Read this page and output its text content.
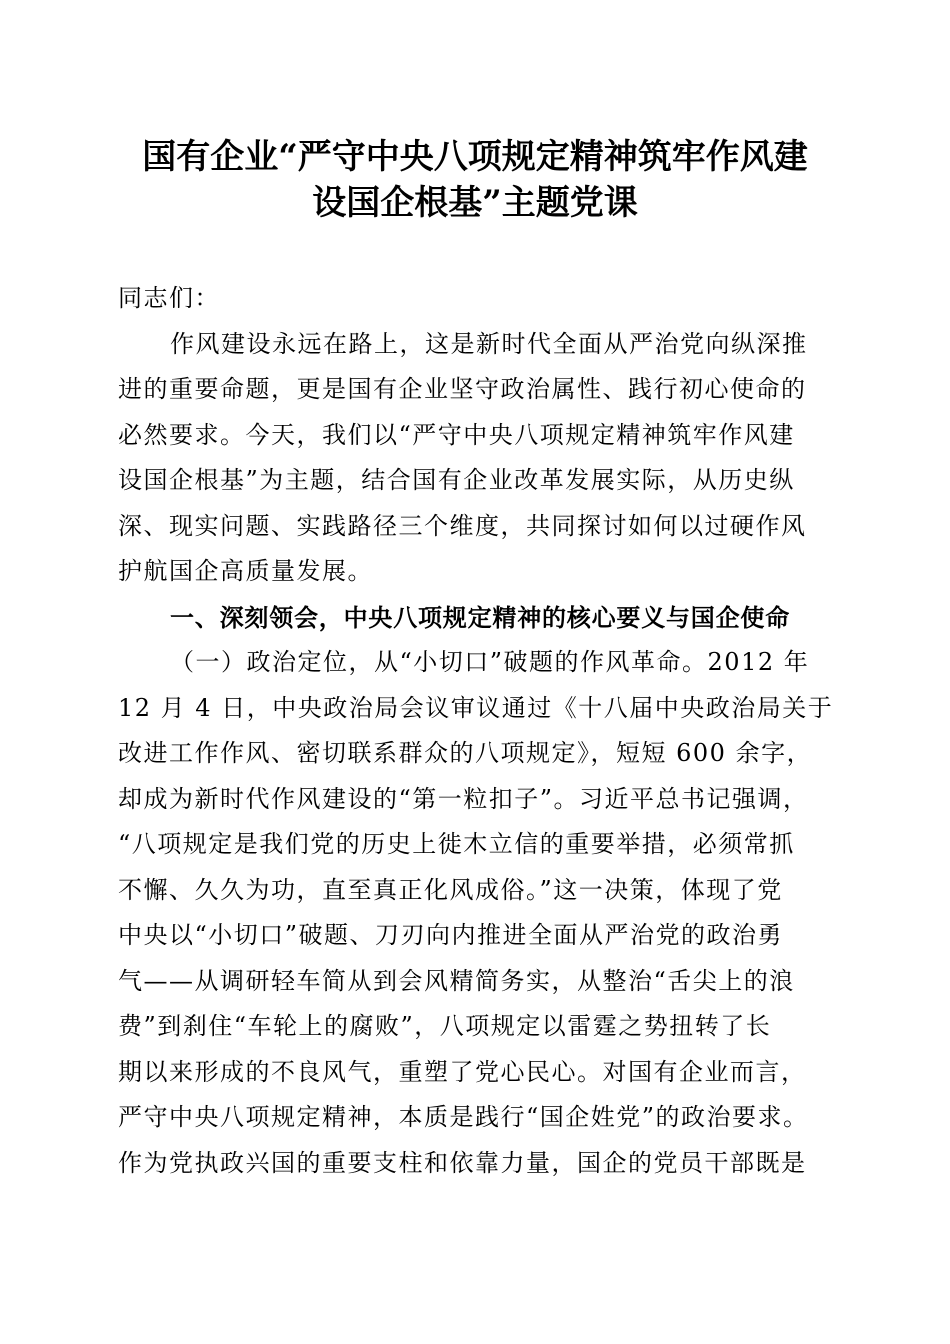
国有企业“严守中央八项规定精神筑牢作风建
设国企根基”主题党课
同志们：
作风建设永远在路上，这是新时代全面从严治党向纵深推
进的重要命题，更是国有企业坚守政治属性、践行初心使命的
必然要求。今天，我们以“严守中央八项规定精神筑牢作风建
设国企根基”为主题，结合国有企业改革发展实际，从历史纵
深、现实问题、实践路径三个维度，共同探讨如何以过硬作风
护航国企高质量发展。
一、深刻领会，中央八项规定精神的核心要义与国企使命
（一）政治定位，从“小切口”破题的作风革命。2012 年
12 月 4 日，中央政治局会议审议通过《十八届中央政治局关于
改进工作作风、密切联系群众的八项规定》，短短 600 余字，
却成为新时代作风建设的“第一粒扣子”。习近平总书记强调，
“八项规定是我们党的历史上徙木立信的重要举措，必须常抓
不懈、久久为功，直至真正化风成俗。”这一决策，体现了党
中央以“小切口”破题、刀刃向内推进全面从严治党的政治勇
气——从调研轻车简从到会风精简务实，从整治“舌尖上的浪
费”到刹住“车轮上的腐败”，八项规定以雷霆之势扭转了长
期以来形成的不良风气，重塑了党心民心。对国有企业而言，
严守中央八项规定精神，本质是践行“国企姓党”的政治要求。
作为党执政兴国的重要支柱和依靠力量，国企的党员干部既是
